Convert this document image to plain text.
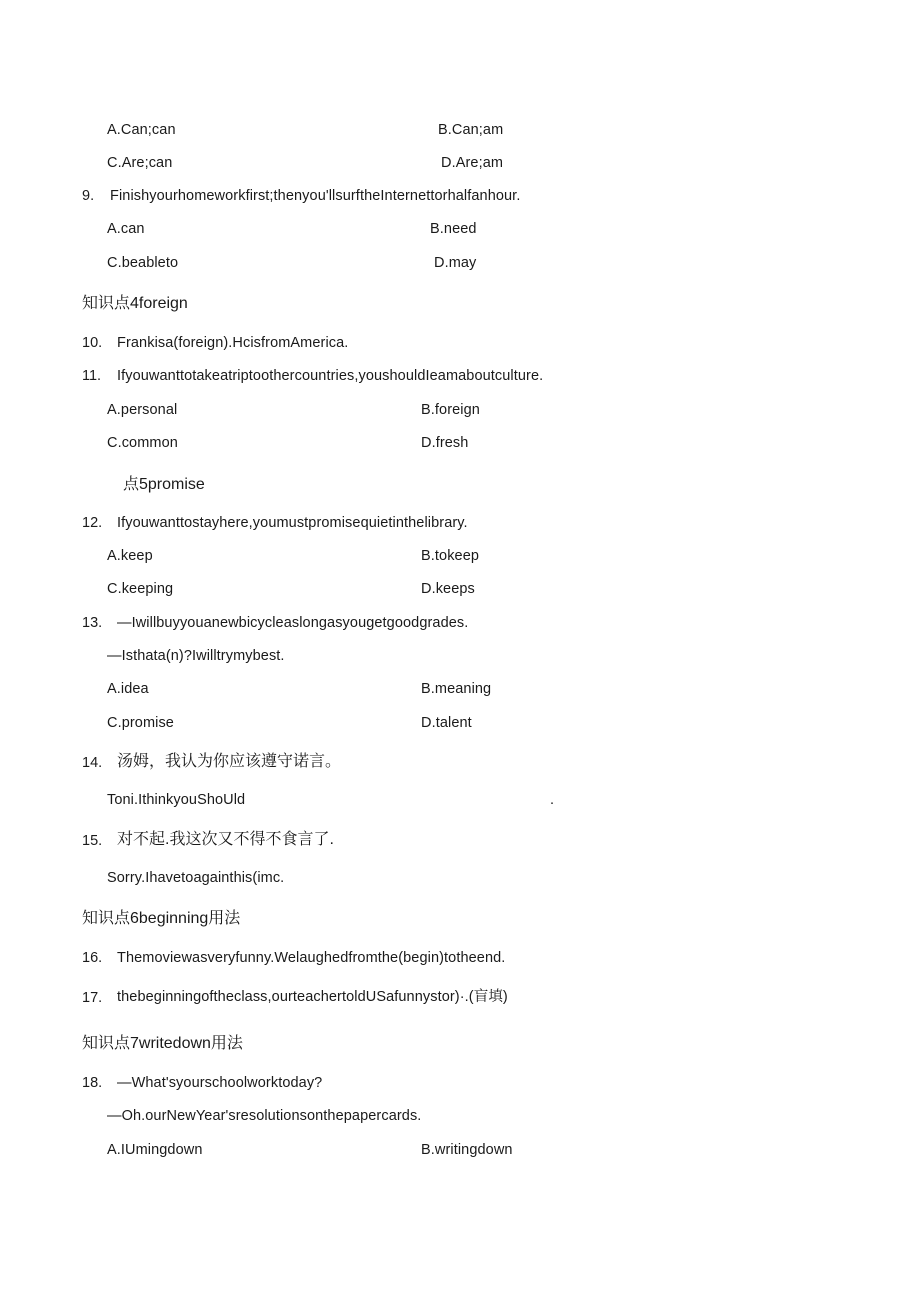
A.Can;can	B.Can;am
C.Are;can	D.Are;am
9. Finishyourhomeworkfirst;thenyou'llsurftheInternettorhalfanhour.
A.can	B.need
C.beableto	D.may
知识点4foreign
10. Frankisa(foreign).HcisfromAmerica.
11. Ifyouwanttotakeatriptoothercountries,youshouldIeamaboutculture.
A.personal	B.foreign
C.common	D.fresh
点5promise
12. Ifyouwanttostayhere,youmustpromisequietinthelibrary.
A.keep	B.tokeep
C.keeping	D.keeps
13. —Iwillbuyyouanewbicycleaslongasyougetgoodgrades.
—Isthata(n)?Iwilltrymybest.
A.idea	B.meaning
C.promise	D.talent
14. 汤姆，我认为你应该遵守诺言。
Toni.IthinkyouShoUld	.
15. 对不起.我这次又不得不食言了.
Sorry.Ihavetoagainthis(imc.
知识点6beginning用法
16. Themoviewasveryfunny.Welaughedfromthe(begin)totheend.
17. thebeginningoftheclass,ourteachertoldUSafunnystor)·.(盲填)
知识点7writedown用法
18. —What'syourschoolworktoday?
—Oh.ourNewYear'sresolutionsonthepapercards.
A.IUmingdown	B.writingdown
